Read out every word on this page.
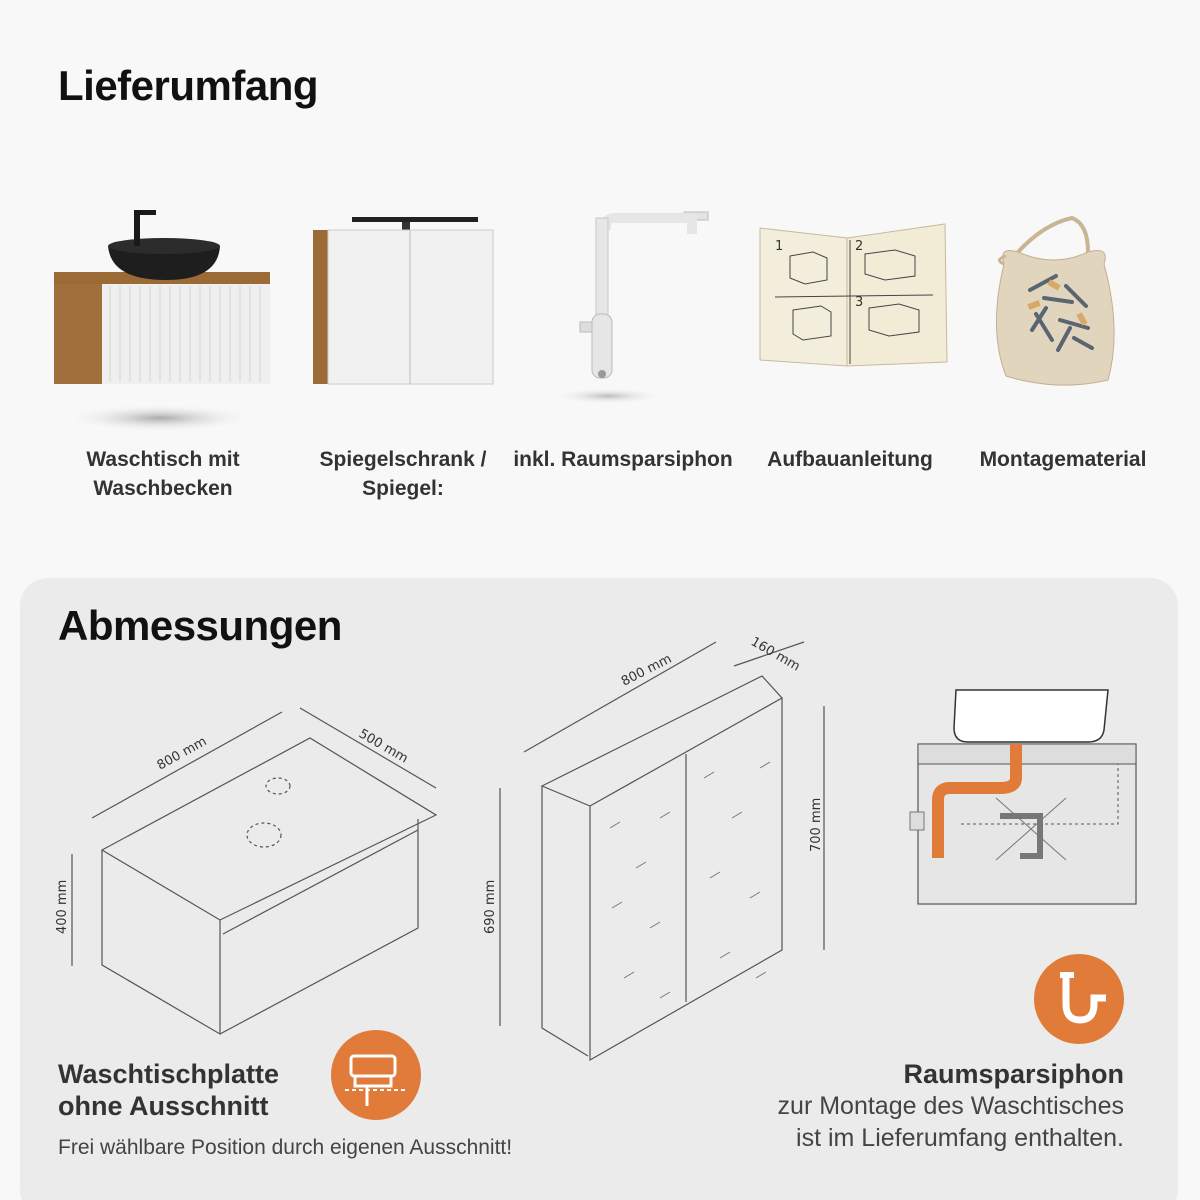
Lieferumfang
Waschtisch mit Waschbecken
Spiegelschrank / Spiegel:
inkl. Raumsparsiphon
1	2
3
Aufbauanleitung	Montagematerial
Abmessungen
800 mm	500 mm
400 mm
800 mm	160 mm
690 mm
700 mm
Waschtischplatte
ohne Ausschnitt
Frei wählbare Position durch eigenen Ausschnitt!
Raumsparsiphon
zur Montage des Waschtisches
ist im Lieferumfang enthalten.
